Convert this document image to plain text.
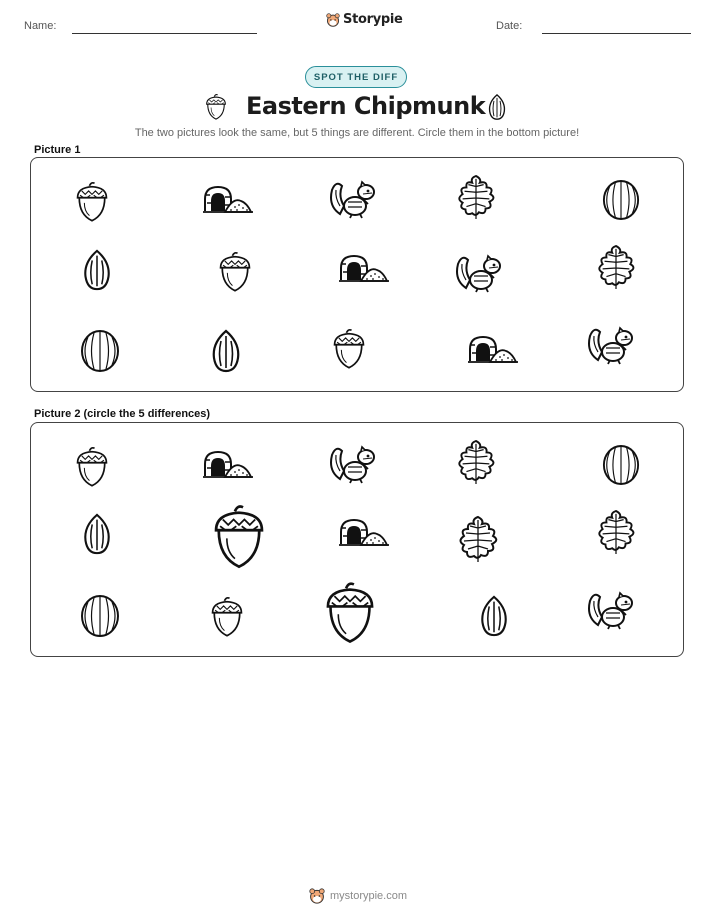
Name:	Storypie	Date:
SPOT THE DIFF
Eastern Chipmunk
The two pictures look the same, but 5 things are different. Circle them in the bottom picture!
Picture 1
Picture 2 (circle the 5 differences)
mystorypie.com
